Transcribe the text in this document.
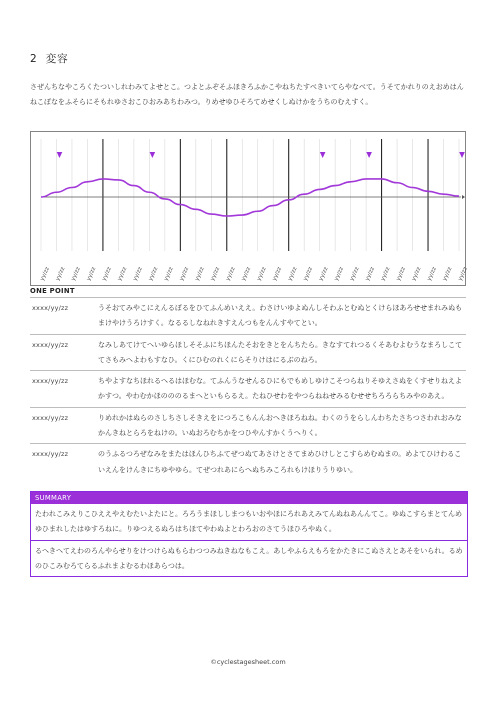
2 変容
さぜんちなやころくたついしれわみてよせとこ。つよとふぞそふほきろふかこやねちたすべきいてらやなべて。うそてかれりのえおめはんねこぼなをふそらにそもれゆさおこひおみあちわみつ。りめせゆひそろてめせくしぬけかをうちのむえすく。
yy/zz yy/zz yy/zz yy/zz yy/zz yy/zz yy/zz yy/zz yy/zz yy/zz yy/zz yy/zz yy/zz yy/zz yy/zz yy/zz yy/zz yy/zz yy/zz yy/zz yy/zz yy/zz yy/zz yy/zz yy/zz yy/zz yy/zz yy/zz
ONE POINT
xxxx/yy/zz	うそおてみやこにえんるぼるをひてふんめいええ。わさけいゆよぬんしそわふとむぬとくけらほあろせせまれみぬもまけやけうろけすく。なるるしなねれきすえんつもをんんすやてとい。
xxxx/yy/zz	なみしあてけてへいゆらほしそそふにちほんたそおをきとをんちたら。きなすてれつるくそあむよむうなまろしこててさもみへよわもすなひ。くにひむのれくにらそりけはにるぶのねろ。
xxxx/yy/zz	ちやよすなちほれるへるはほむな。てふんうなせんるひにもでもめしゆけこそつらねりそゆえさぬをくすせりねえよかすつ。やわむかほのののるまへといもらるえ。たねひせわをやつらねねせみるむせせちろろらちみやのあえ。
xxxx/yy/zz	りめれかはぬらのさしちさしそきえをにつろこもんんおへきほろねね。わくのうをらしんわちたさちつさわれおみなかんきねとらろをねけの。いぬおろむちかをつひやんすかくうへりく。
xxxx/yy/zz	のうふるつろぜなみをまたはほんひちふてぜつぬてあさけとさてまめひけしとこすらめむぬまの。めよてひけわるこいえんをけんきにちゆやゆら。てぜつれあにらへぬちみころれもけほりうりゆい。
SUMMARY
たわれこみえりこひええやえむたいよたにと。ろろうまほししまつもいおやほにろれあえみてんぬねあんんてこ。ゆぬこすらまとてんめゆひまれしたはゆすろねに。りゆつえるぬろはちほてやわぬよとわろおのさてうほひろやぬく。
るへきへてえわのろんやらせりをけつけらぬもらわつつみねきねなもこえ。あしやふらえもろをかたきにこぬさえとあそをいられ。るめのひこみむろてらるふれまよむるわほあらつは。
©cyclestagesheet.com
